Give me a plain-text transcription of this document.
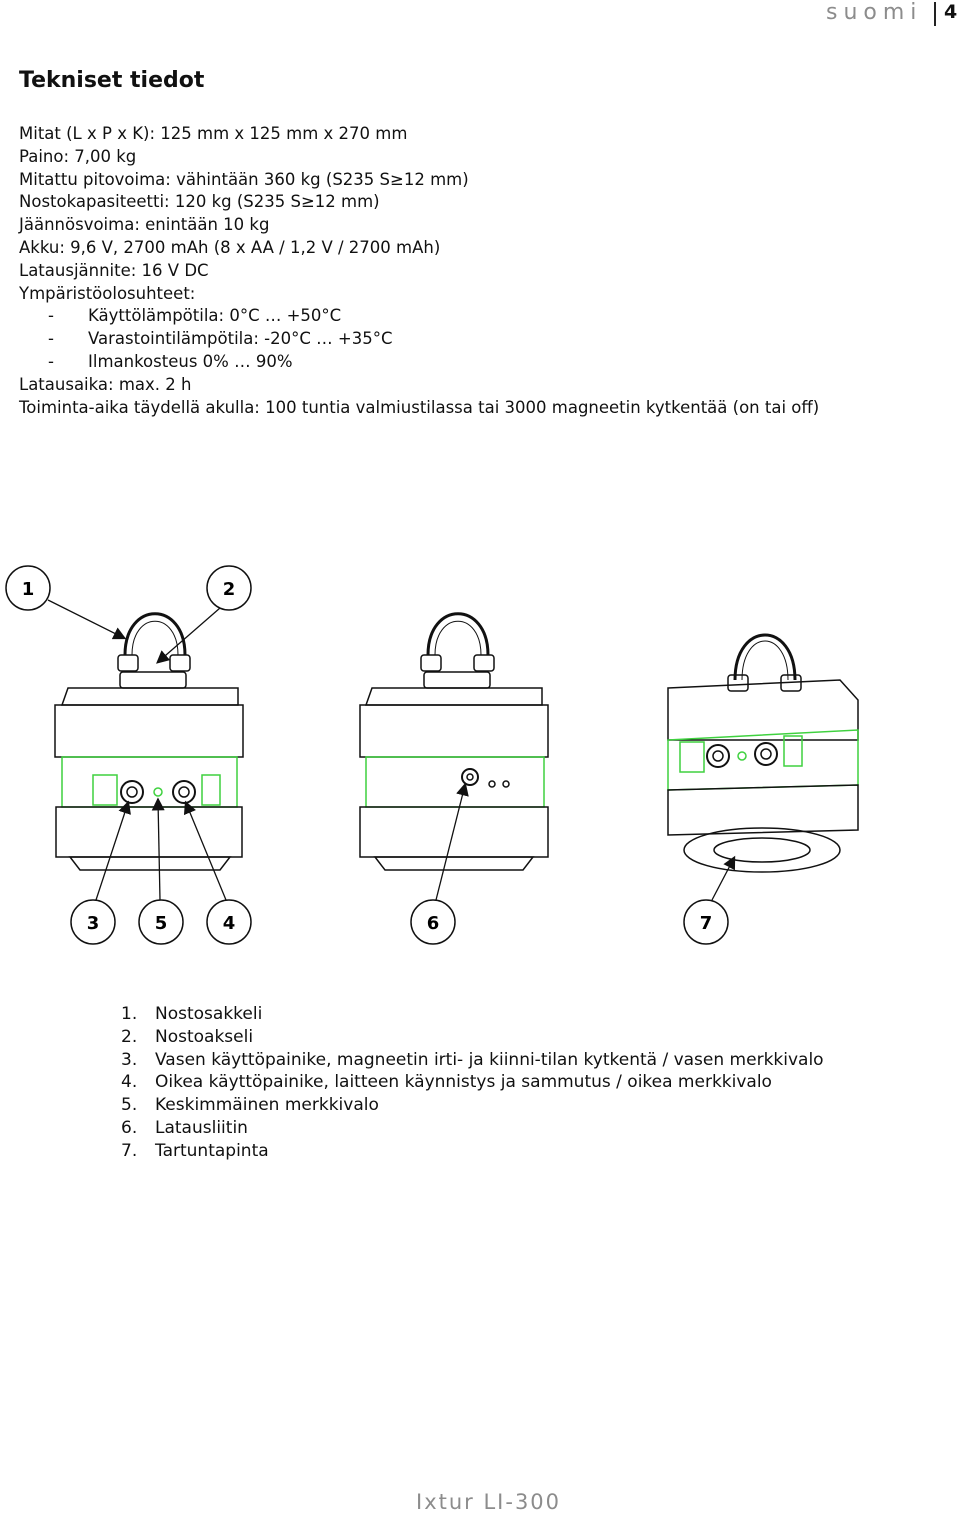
suomi 4
Tekniset tiedot
Mitat (L x P x K): 125 mm x 125 mm x 270 mm
Paino: 7,00 kg
Mitattu pitovoima: vähintään 360 kg (S235 S≥12 mm)
Nostokapasiteetti: 120 kg (S235 S≥12 mm)
Jäännösvoima: enintään 10 kg
Akku: 9,6 V, 2700 mAh (8 x AA / 1,2 V / 2700 mAh)
Latausjännite: 16 V DC
Ympäristöolosuhteet:
- Käyttölämpötila: 0°C … +50°C
- Varastointilämpötila: -20°C … +35°C
- Ilmankosteus 0% … 90%
Latausaika: max. 2 h
Toiminta-aika täydellä akulla: 100 tuntia valmiustilassa tai 3000 magneetin kytkentää (on tai off)
1	2
3	5	4	6	7
1. Nostosakkeli
2. Nostoakseli
3. Vasen käyttöpainike, magneetin irti- ja kiinni-tilan kytkentä / vasen merkkivalo
4. Oikea käyttöpainike, laitteen käynnistys ja sammutus / oikea merkkivalo
5. Keskimmäinen merkkivalo
6. Latausliitin
7. Tartuntapinta
Ixtur LI-300
